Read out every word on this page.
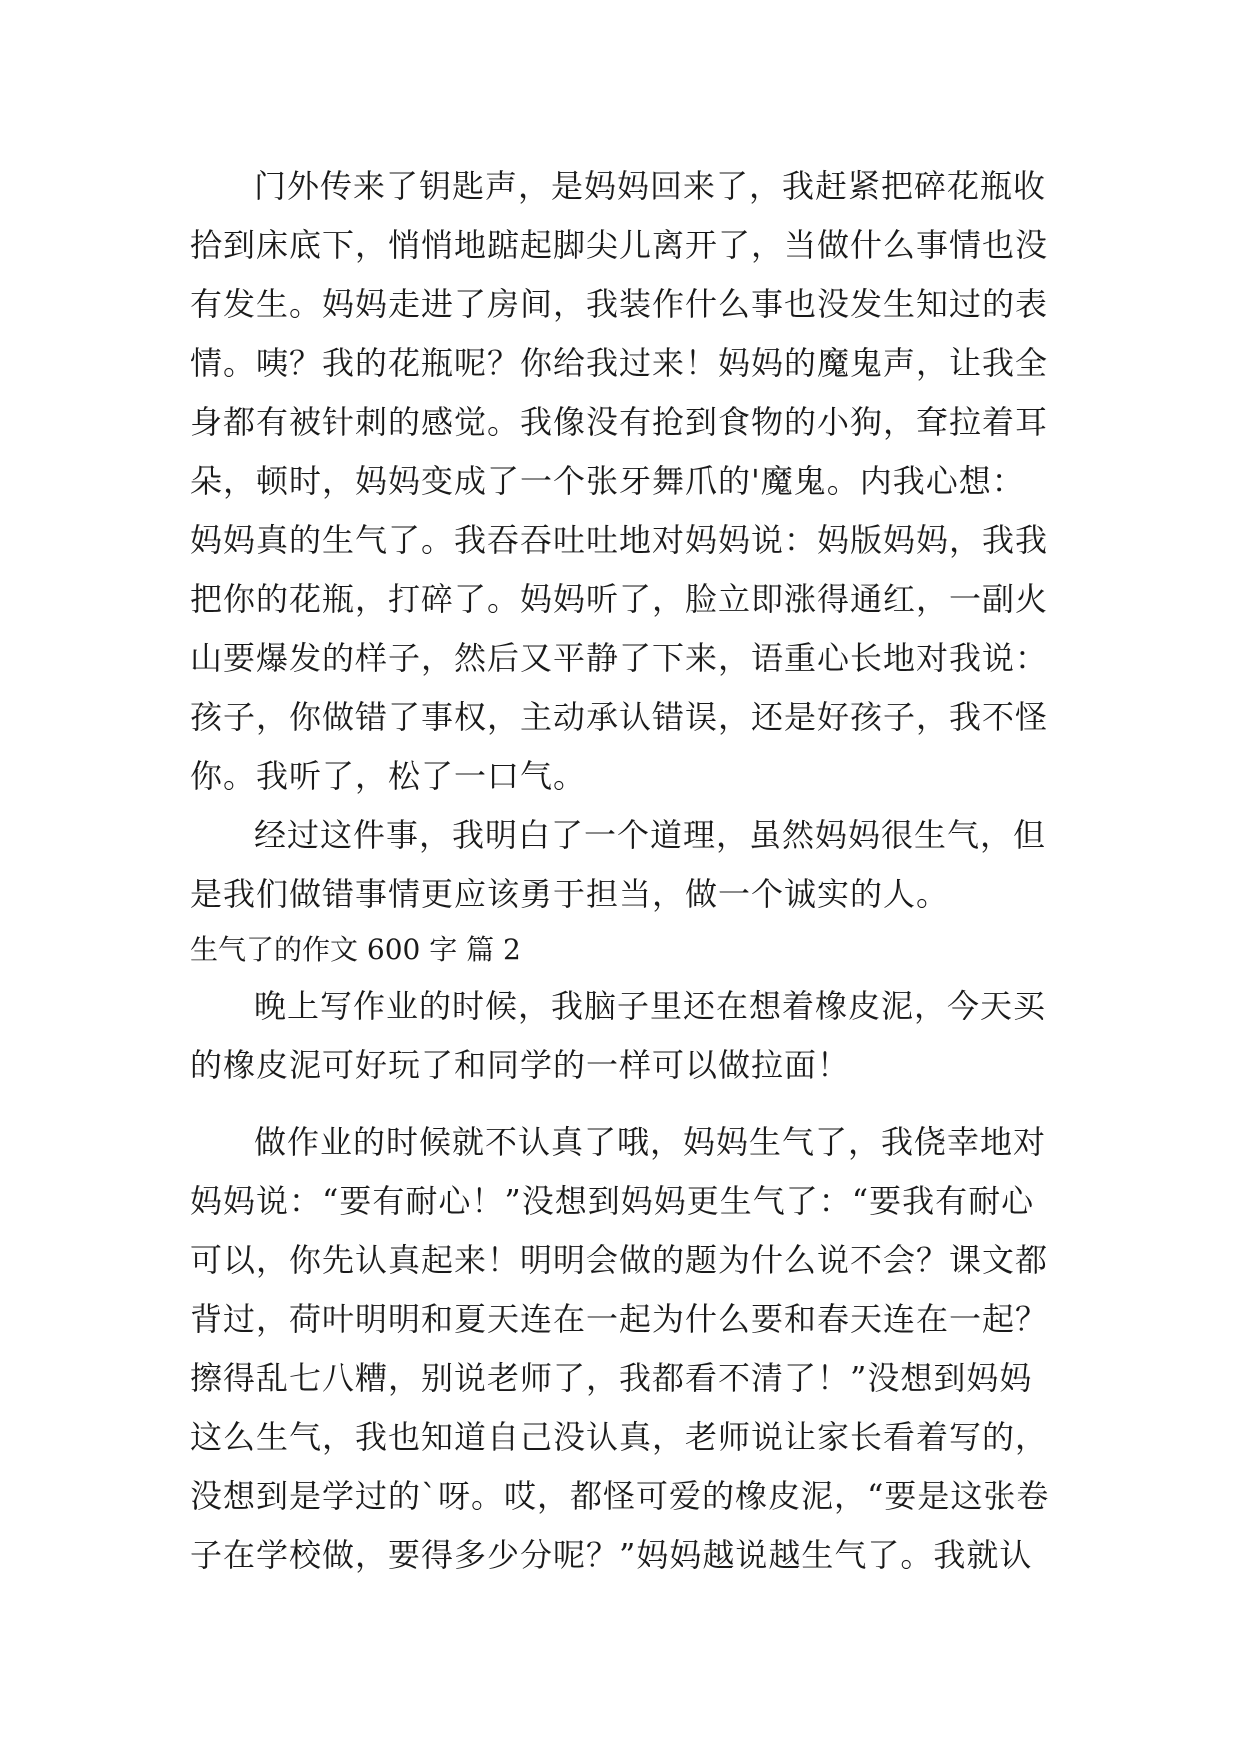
门外传来了钥匙声，是妈妈回来了，我赶紧把碎花瓶收

拾到床底下，悄悄地踮起脚尖儿离开了，当做什么事情也没

有发生。妈妈走进了房间，我装作什么事也没发生知过的表

情。咦？我的花瓶呢？你给我过来！妈妈的魔鬼声，让我全

身都有被针刺的感觉。我像没有抢到食物的小狗，耷拉着耳

朵，顿时，妈妈变成了一个张牙舞爪的'魔鬼。内我心想：

妈妈真的生气了。我吞吞吐吐地对妈妈说：妈版妈妈，我我

把你的花瓶，打碎了。妈妈听了，脸立即涨得通红，一副火

山要爆发的样子，然后又平静了下来，语重心长地对我说：

孩子，你做错了事权，主动承认错误，还是好孩子，我不怪

你。我听了，松了一口气。

经过这件事，我明白了一个道理，虽然妈妈很生气，但

是我们做错事情更应该勇于担当，做一个诚实的人。

生气了的作文 600 字 篇 2

晚上写作业的时候，我脑子里还在想着橡皮泥，今天买

的橡皮泥可好玩了和同学的一样可以做拉面！

做作业的时候就不认真了哦，妈妈生气了，我侥幸地对

妈妈说：“要有耐心！”没想到妈妈更生气了：“要我有耐心

可以，你先认真起来！明明会做的题为什么说不会？课文都

背过，荷叶明明和夏天连在一起为什么要和春天连在一起？

擦得乱七八糟，别说老师了，我都看不清了！”没想到妈妈

这么生气，我也知道自己没认真，老师说让家长看着写的，

没想到是学过的`呀。哎，都怪可爱的橡皮泥，“要是这张卷

子在学校做，要得多少分呢？”妈妈越说越生气了。我就认
